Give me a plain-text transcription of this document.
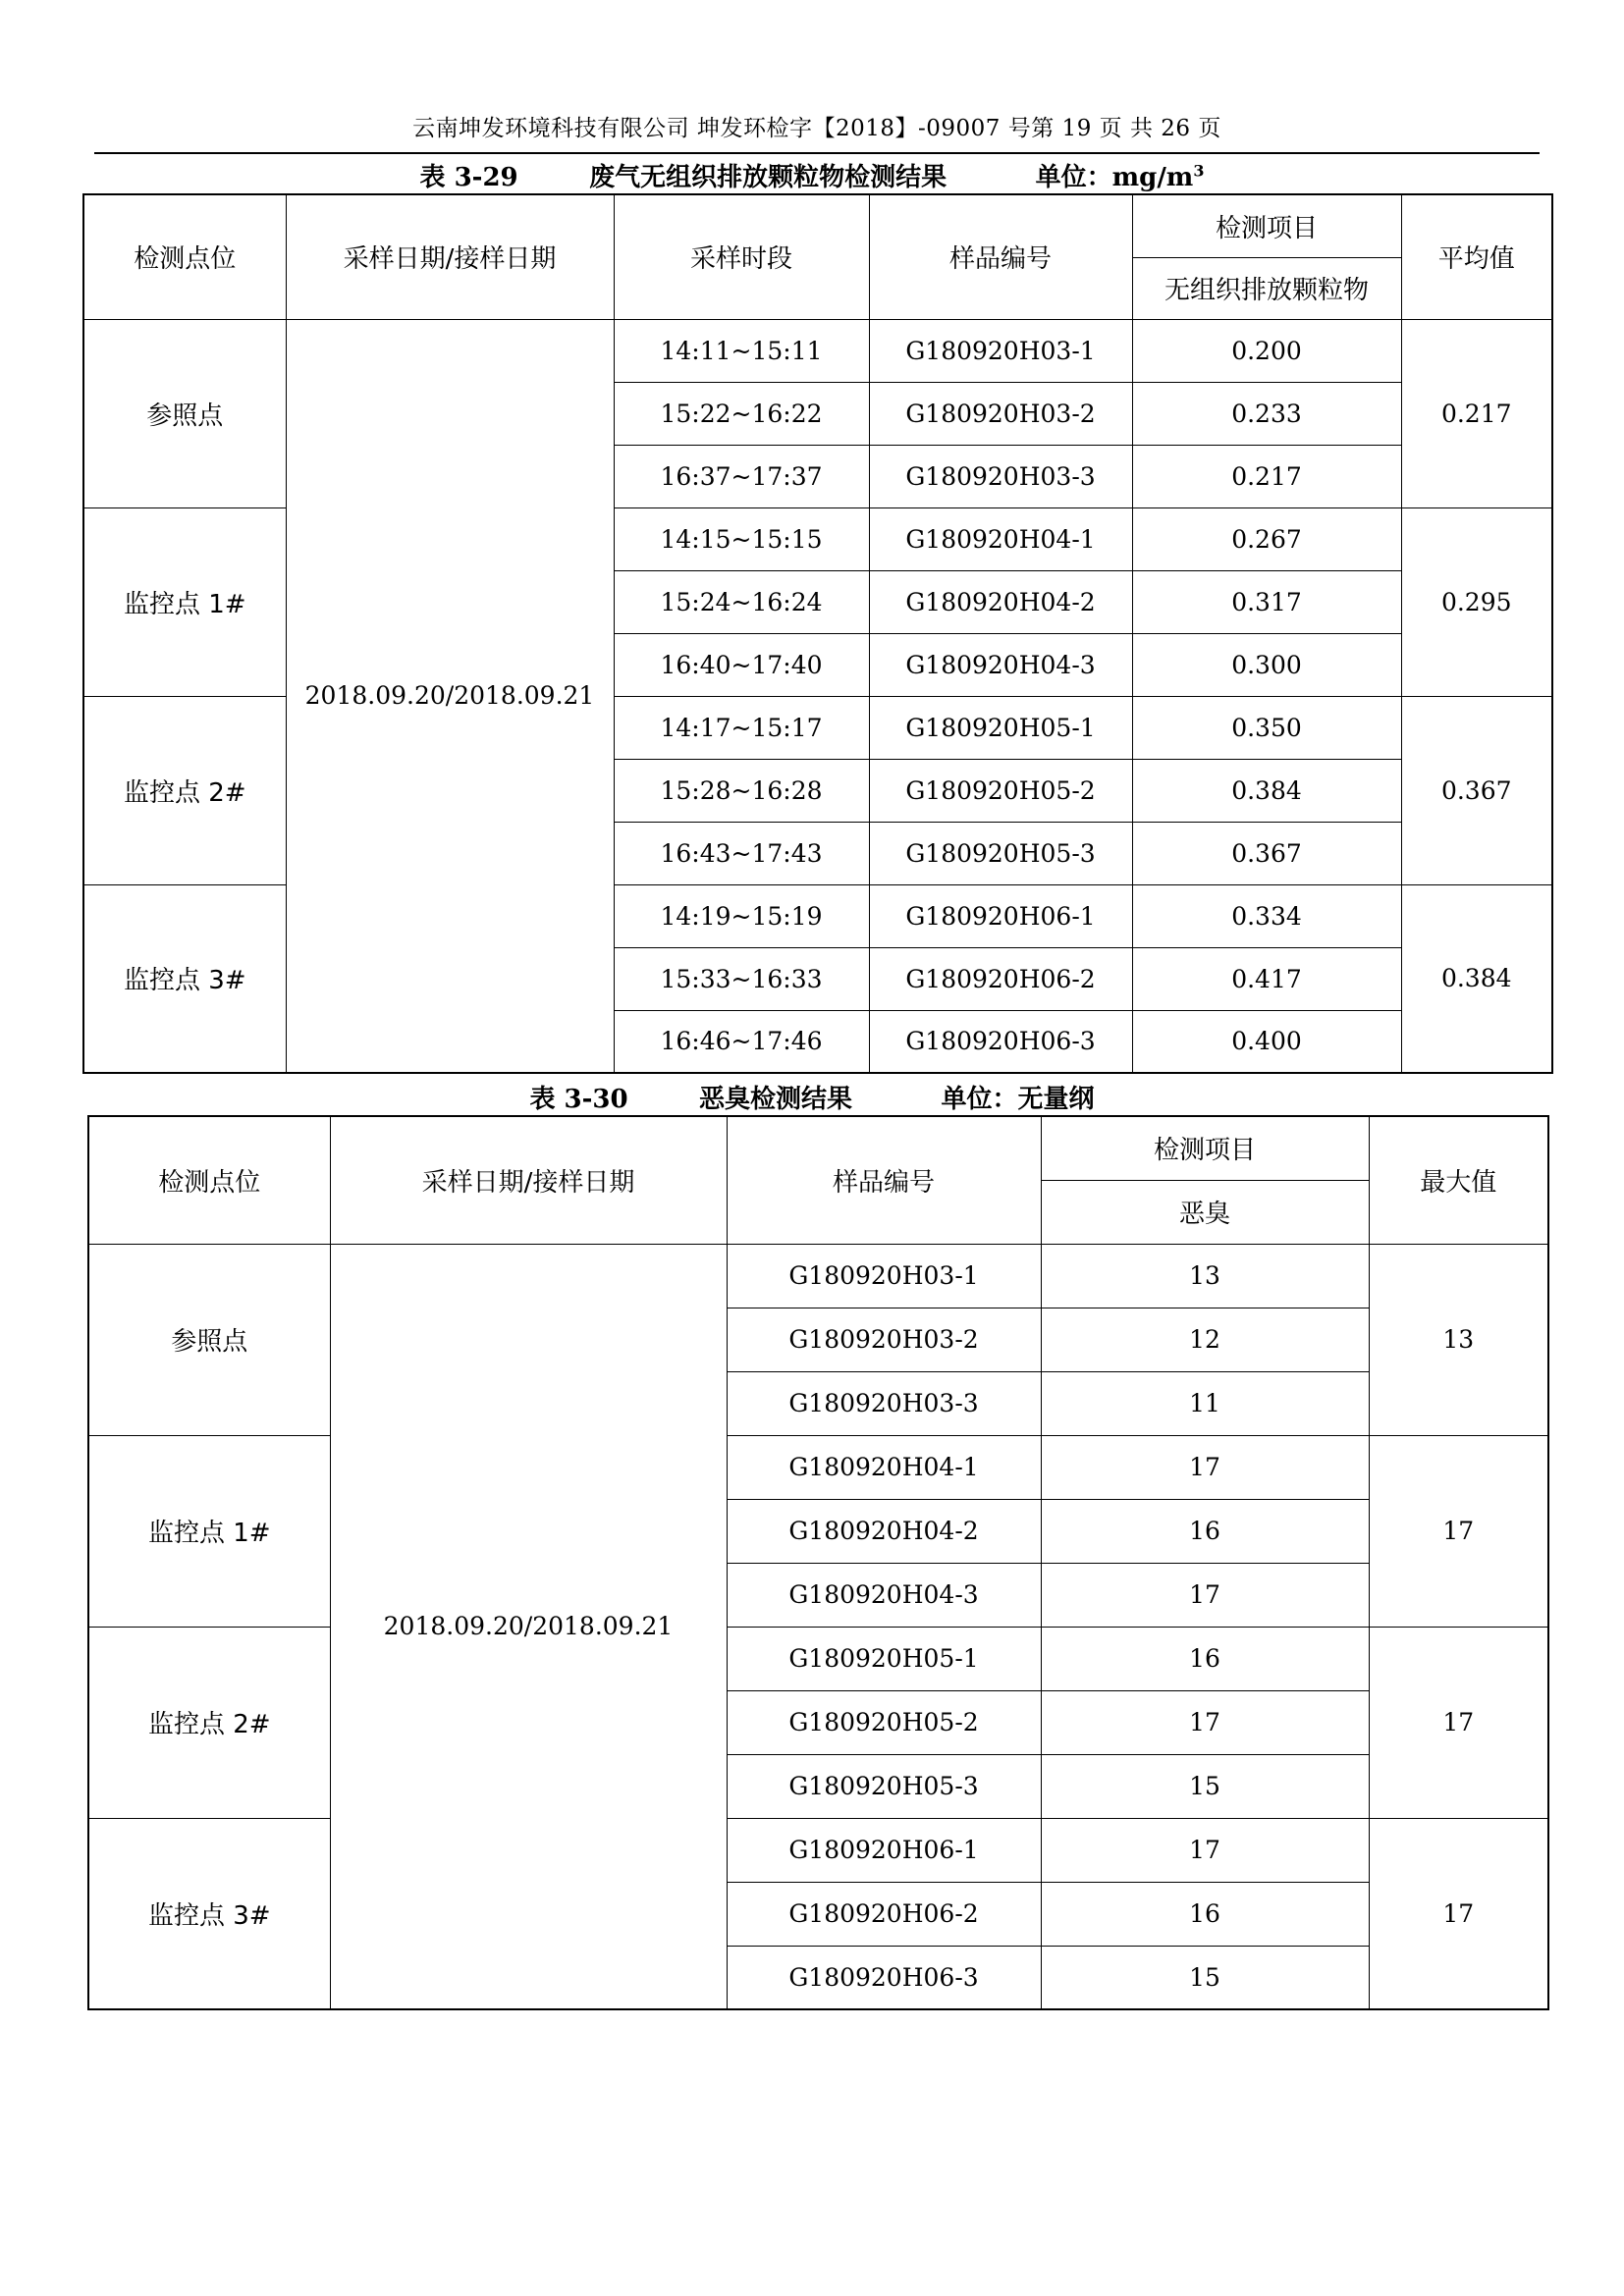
云南坤发环境科技有限公司 坤发环检字【2018】-09007 号第 19 页 共 26 页
表 3-29	废气无组织排放颗粒物检测结果	单位：$mg/m^3$
检测点位	采样日期/接样日期	采样时段	样品编号	检测项目	平均值
				无组织排放颗粒物	
参照点	2018.09.20/2018.09.21	14:11~15:11	G180920H03-1	0.200	0.217
		15:22~16:22	G180920H03-2	0.233	
		16:37~17:37	G180920H03-3	0.217	
监控点 1#		14:15~15:15	G180920H04-1	0.267	0.295
		15:24~16:24	G180920H04-2	0.317	
		16:40~17:40	G180920H04-3	0.300	
监控点 2#		14:17~15:17	G180920H05-1	0.350	0.367
		15:28~16:28	G180920H05-2	0.384	
		16:43~17:43	G180920H05-3	0.367	
监控点 3#		14:19~15:19	G180920H06-1	0.334	0.384
		15:33~16:33	G180920H06-2	0.417	
		16:46~17:46	G180920H06-3	0.400	
表 3-30	恶臭检测结果	单位：无量纲
检测点位	采样日期/接样日期	样品编号	检测项目	最大值
			恶臭	
参照点	2018.09.20/2018.09.21	G180920H03-1	13	13
		G180920H03-2	12	
		G180920H03-3	11	
监控点 1#		G180920H04-1	17	17
		G180920H04-2	16	
		G180920H04-3	17	
监控点 2#		G180920H05-1	16	17
		G180920H05-2	17	
		G180920H05-3	15	
监控点 3#		G180920H06-1	17	17
		G180920H06-2	16	
		G180920H06-3	15	
